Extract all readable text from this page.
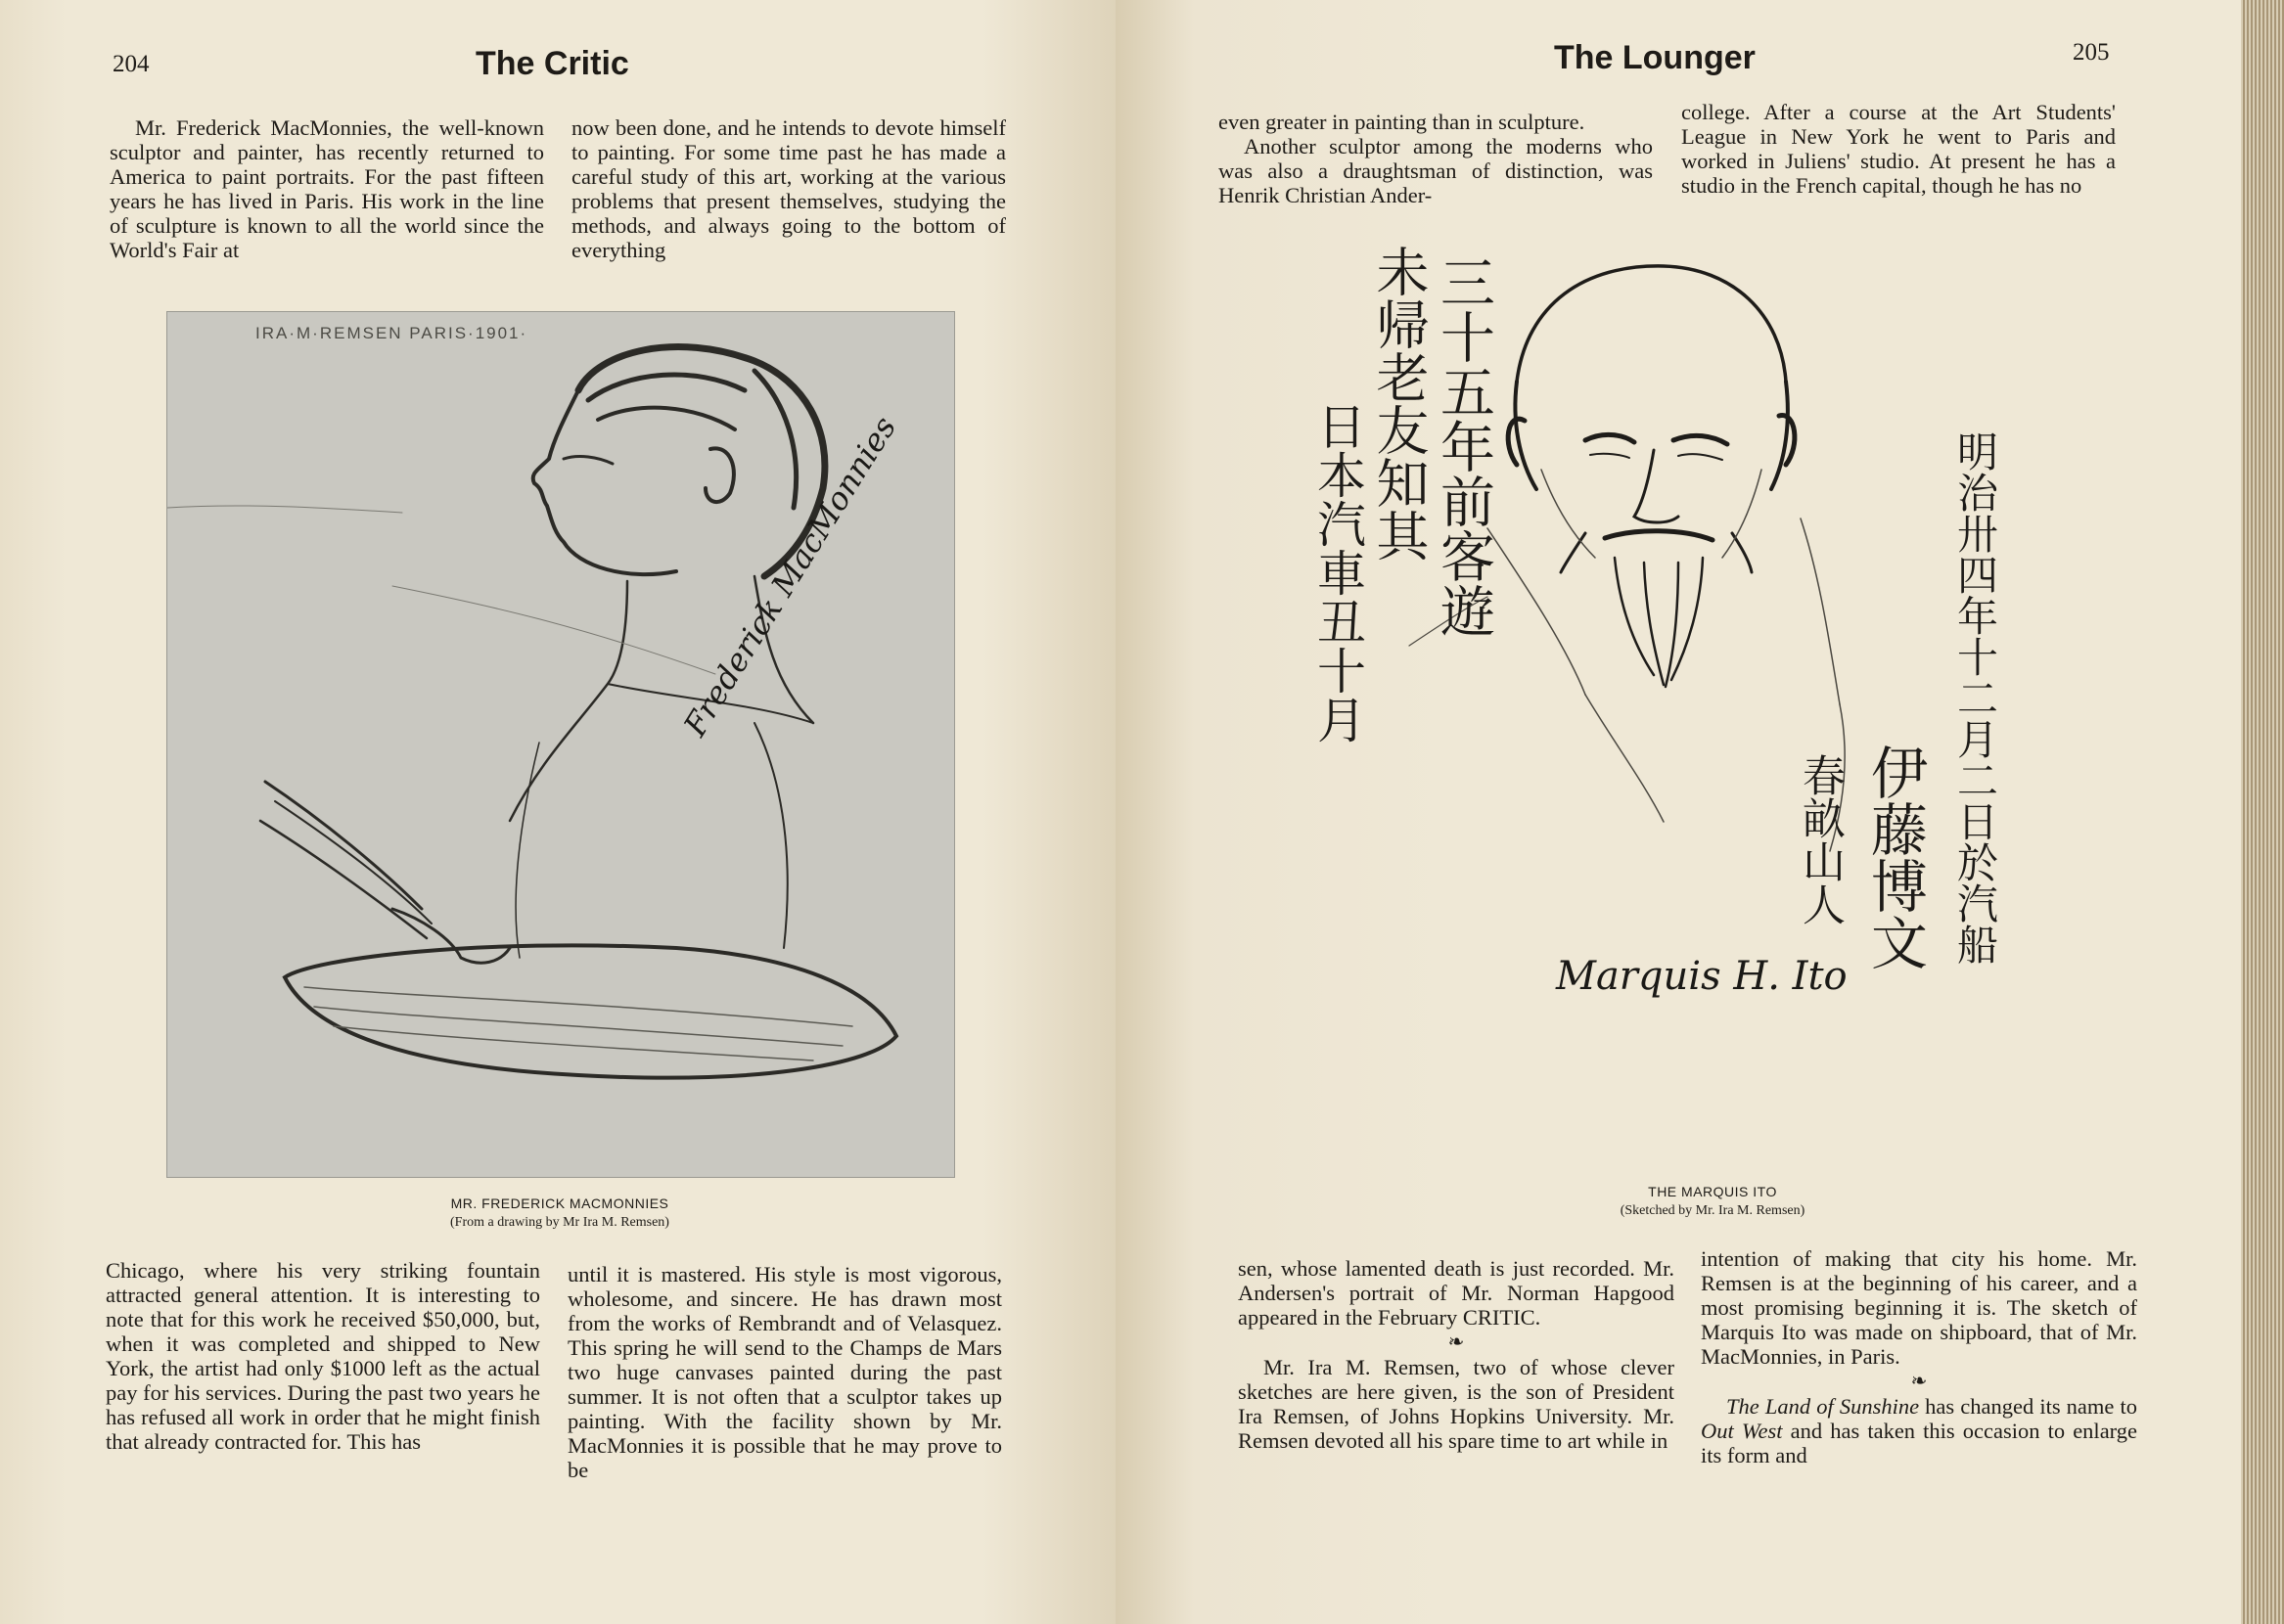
204	The Critic

Mr. Frederick MacMonnies, the well-known sculptor and painter, has recently returned to America to paint portraits. For the past fifteen years he has lived in Paris. His work in the line of sculpture is known to all the world since the World's Fair at

now been done, and he intends to devote himself to painting. For some time past he has made a careful study of this art, working at the various problems that present themselves, studying the methods, and always going to the bottom of everything

IRA·M·REMSEN PARIS·1901·
Frederick MacMonnies
MR. FREDERICK MACMONNIES
(From a drawing by Mr Ira M. Remsen)

Chicago, where his very striking fountain attracted general attention. It is interesting to note that for this work he received $50,000, but, when it was completed and shipped to New York, the artist had only $1000 left as the actual pay for his services. During the past two years he has refused all work in order that he might finish that already contracted for. This has

until it is mastered. His style is most vigorous, wholesome, and sincere. He has drawn most from the works of Rembrandt and of Velasquez. This spring he will send to the Champs de Mars two huge canvases painted during the past summer. It is not often that a sculptor takes up painting. With the facility shown by Mr. MacMonnies it is possible that he may prove to be

The Lounger	205

even greater in painting than in sculpture.

Another sculptor among the moderns who was also a draughtsman of distinction, was Henrik Christian Ander-

college. After a course at the Art Students' League in New York he went to Paris and worked in Juliens' studio. At present he has a studio in the French capital, though he has no

三十五年前客遊
未帰老友知其
日本汽車丑十月	明治卅四年十二月二日於汽船
伊藤博文
春畝山人
Marquis H. Ito
THE MARQUIS ITO
(Sketched by Mr. Ira M. Remsen)

sen, whose lamented death is just recorded. Mr. Andersen's portrait of Mr. Norman Hapgood appeared in the February CRITIC.

❧

Mr. Ira M. Remsen, two of whose clever sketches are here given, is the son of President Ira Remsen, of Johns Hopkins University. Mr. Remsen devoted all his spare time to art while in

intention of making that city his home. Mr. Remsen is at the beginning of his career, and a most promising beginning it is. The sketch of Marquis Ito was made on shipboard, that of Mr. MacMonnies, in Paris.

❧

The Land of Sunshine has changed its name to Out West and has taken this occasion to enlarge its form and
